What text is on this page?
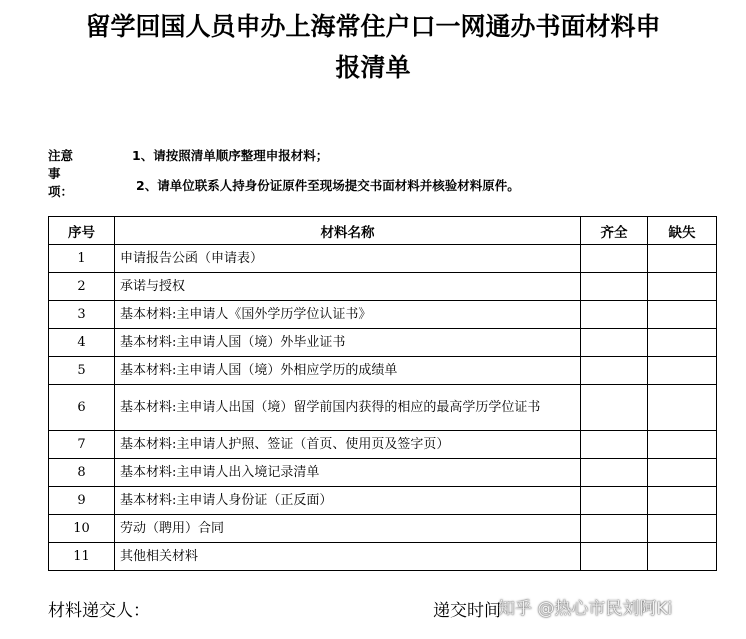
留学回国人员申办上海常住户口一网通办书面材料申
报清单
注意事项：
1、请按照清单顺序整理申报材料；
2、请单位联系人持身份证原件至现场提交书面材料并核验材料原件。
序号	材料名称	齐全	缺失
1	申请报告公函（申请表）		
2	承诺与授权		
3	基本材料:主申请人《国外学历学位认证书》		
4	基本材料:主申请人国（境）外毕业证书		
5	基本材料:主申请人国（境）外相应学历的成绩单		
6	基本材料:主申请人出国（境）留学前国内获得的相应的最高学历学位证书		
7	基本材料:主申请人护照、签证（首页、使用页及签字页）		
8	基本材料:主申请人出入境记录清单		
9	基本材料:主申请人身份证（正反面）		
10	劳动（聘用）合同		
11	其他相关材料		
材料递交人：	递交时间
知乎 @热心市民刘阿Ki
